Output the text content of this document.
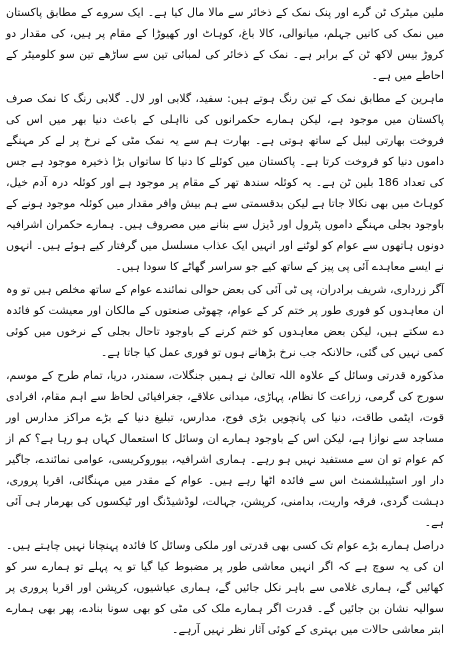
ملین میٹرک ٹن گرے اور پنک نمک کے ذخائر سے مالا مال کیا ہے۔ ایک سروے کے مطابق پاکستان میں نمک کی کانیں جہلم، میانوالی، کالا باغ، کوہاٹ اور کھیوڑا کے مقام پر ہیں، کی مقدار دو کروڑ بیس لاکھ ٹن کے برابر ہے۔ نمک کے ذخائر کی لمبائی تین سے ساڑھے تین سو کلومیٹر کے احاطے میں ہے۔

ماہرین کے مطابق نمک کے تین رنگ ہوتے ہیں: سفید، گلابی اور لال۔ گلابی رنگ کا نمک صرف پاکستان میں موجود ہے، لیکن ہمارے حکمرانوں کی نااہلی کے باعث دنیا بھر میں اس کی فروخت بھارتی لیبل کے ساتھ ہوتی ہے۔ بھارت ہم سے یہ نمک مٹی کے نرخ پر لے کر مہنگے داموں دنیا کو فروخت کرتا ہے۔ پاکستان میں کوئلے کا دنیا کا ساتواں بڑا ذخیرہ موجود ہے جس کی تعداد 186 بلین ٹن ہے۔ یہ کوئلہ سندھ تھر کے مقام پر موجود ہے اور کوئلہ درہ آدم خیل، کوہاٹ میں بھی نکالا جاتا ہے لیکن بدقسمتی سے ہم بیش وافر مقدار میں کوئلہ موجود ہونے کے باوجود بجلی مہنگے داموں پٹرول اور ڈیزل سے بنانے میں مصروف ہیں۔ ہمارے حکمران اشرافیہ دونوں ہاتھوں سے عوام کو لوٹنے اور انہیں ایک عذاب مسلسل میں گرفتار کیے ہوئے ہیں۔ انہوں نے ایسے معاہدے آئی پی پیز کے ساتھ کیے جو سراسر گھاٹے کا سودا ہیں۔

آگر زرداری، شریف برادران، پی ٹی آئی کی بعض حوالی نمائندے عوام کے ساتھ مخلص ہیں تو وہ ان معاہدوں کو فوری طور پر ختم کر کے عوام، چھوٹی صنعتوں کے مالکان اور معیشت کو فائدہ دے سکتے ہیں، لیکن بعض معاہدوں کو ختم کرنے کے باوجود تاحال بجلی کے نرخوں میں کوئی کمی نہیں کی گئی، حالانکہ جب نرخ بڑھانے ہوں تو فوری عمل کیا جاتا ہے۔

مذکورہ قدرتی وسائل کے علاوہ اللہ تعالیٰ نے ہمیں جنگلات، سمندر، دریا، تمام طرح کے موسم، سورج کی گرمی، زراعت کا نظام، پہاڑی، میدانی علاقے، جغرافیائی لحاظ سے اہم مقام، افرادی قوت، ایٹمی طاقت، دنیا کی پانچویں بڑی فوج، مدارس، تبلیغ دنیا کے بڑے مراکز مدارس اور مساجد سے نوازا ہے، لیکن اس کے باوجود ہمارے ان وسائل کا استعمال کہاں ہو رہا ہے؟ کم از کم عوام تو ان سے مستفید نہیں ہو رہے۔ ہماری اشرافیہ، بیوروکریسی، عوامی نمائندے، جاگیر دار اور اسٹیبلشمنٹ اس سے فائدہ اٹھا رہے ہیں۔ عوام کے مقدر میں مہنگائی، اقربا پروری، دہشت گردی، فرقہ واریت، بدامنی، کرپشن، جہالت، لوڈشیڈنگ اور ٹیکسوں کی بھرمار ہی آئی ہے۔

دراصل ہمارے بڑے عوام تک کسی بھی قدرتی اور ملکی وسائل کا فائدہ پہنچانا نہیں چاہتے ہیں۔ ان کی یہ سوچ ہے کہ اگر انہیں معاشی طور پر مضبوط کیا گیا تو یہ پہلے تو ہمارے سر کو کھائیں گے، ہماری غلامی سے باہر نکل جائیں گے، ہماری عیاشیوں، کرپشن اور اقربا پروری پر سوالیہ نشان بن جائیں گے۔ قدرت اگر ہمارے ملک کی مٹی کو بھی سونا بنادے، پھر بھی ہمارے ابتر معاشی حالات میں بہتری کے کوئی آثار نظر نہیں آرہے۔
